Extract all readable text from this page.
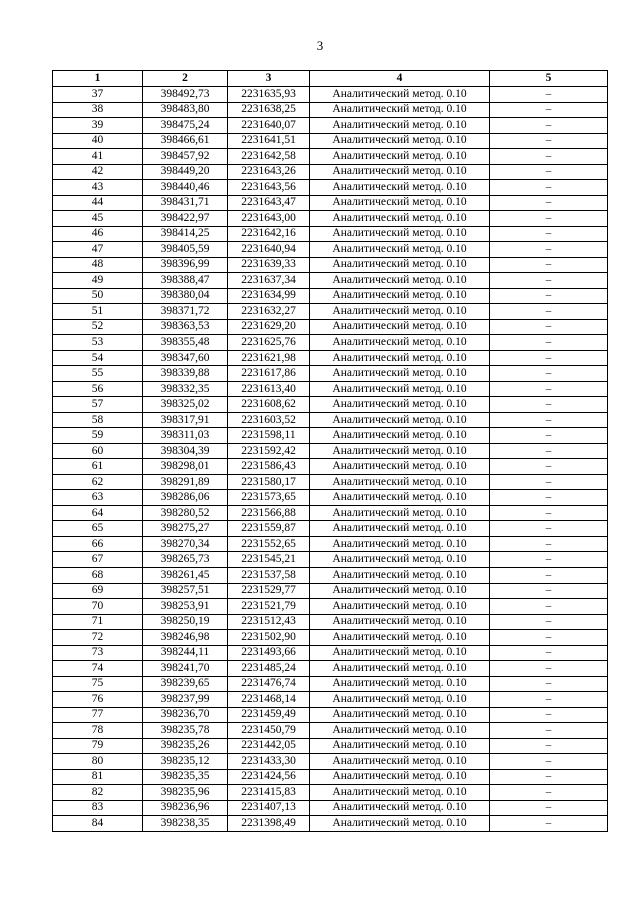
3
1	2	3	4	5
37	398492,73	2231635,93	Аналитический метод. 0.10	–
38	398483,80	2231638,25	Аналитический метод. 0.10	–
39	398475,24	2231640,07	Аналитический метод. 0.10	–
40	398466,61	2231641,51	Аналитический метод. 0.10	–
41	398457,92	2231642,58	Аналитический метод. 0.10	–
42	398449,20	2231643,26	Аналитический метод. 0.10	–
43	398440,46	2231643,56	Аналитический метод. 0.10	–
44	398431,71	2231643,47	Аналитический метод. 0.10	–
45	398422,97	2231643,00	Аналитический метод. 0.10	–
46	398414,25	2231642,16	Аналитический метод. 0.10	–
47	398405,59	2231640,94	Аналитический метод. 0.10	–
48	398396,99	2231639,33	Аналитический метод. 0.10	–
49	398388,47	2231637,34	Аналитический метод. 0.10	–
50	398380,04	2231634,99	Аналитический метод. 0.10	–
51	398371,72	2231632,27	Аналитический метод. 0.10	–
52	398363,53	2231629,20	Аналитический метод. 0.10	–
53	398355,48	2231625,76	Аналитический метод. 0.10	–
54	398347,60	2231621,98	Аналитический метод. 0.10	–
55	398339,88	2231617,86	Аналитический метод. 0.10	–
56	398332,35	2231613,40	Аналитический метод. 0.10	–
57	398325,02	2231608,62	Аналитический метод. 0.10	–
58	398317,91	2231603,52	Аналитический метод. 0.10	–
59	398311,03	2231598,11	Аналитический метод. 0.10	–
60	398304,39	2231592,42	Аналитический метод. 0.10	–
61	398298,01	2231586,43	Аналитический метод. 0.10	–
62	398291,89	2231580,17	Аналитический метод. 0.10	–
63	398286,06	2231573,65	Аналитический метод. 0.10	–
64	398280,52	2231566,88	Аналитический метод. 0.10	–
65	398275,27	2231559,87	Аналитический метод. 0.10	–
66	398270,34	2231552,65	Аналитический метод. 0.10	–
67	398265,73	2231545,21	Аналитический метод. 0.10	–
68	398261,45	2231537,58	Аналитический метод. 0.10	–
69	398257,51	2231529,77	Аналитический метод. 0.10	–
70	398253,91	2231521,79	Аналитический метод. 0.10	–
71	398250,19	2231512,43	Аналитический метод. 0.10	–
72	398246,98	2231502,90	Аналитический метод. 0.10	–
73	398244,11	2231493,66	Аналитический метод. 0.10	–
74	398241,70	2231485,24	Аналитический метод. 0.10	–
75	398239,65	2231476,74	Аналитический метод. 0.10	–
76	398237,99	2231468,14	Аналитический метод. 0.10	–
77	398236,70	2231459,49	Аналитический метод. 0.10	–
78	398235,78	2231450,79	Аналитический метод. 0.10	–
79	398235,26	2231442,05	Аналитический метод. 0.10	–
80	398235,12	2231433,30	Аналитический метод. 0.10	–
81	398235,35	2231424,56	Аналитический метод. 0.10	–
82	398235,96	2231415,83	Аналитический метод. 0.10	–
83	398236,96	2231407,13	Аналитический метод. 0.10	–
84	398238,35	2231398,49	Аналитический метод. 0.10	–
